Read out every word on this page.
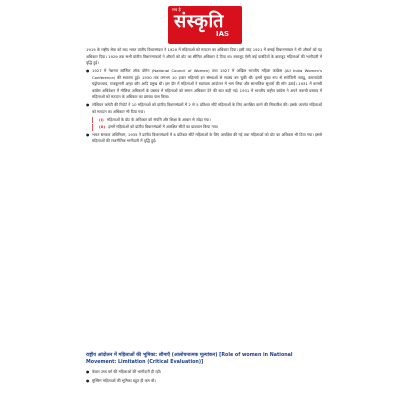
सच है
संस्कृति
IAS

1919 के राष्ट्रीय सेवा को बाद भारत प्रांतीय विधानमंडल ने 1920 में महिलाओं को मतदान का अधिकार दिया। इसी तरह 1921 में बम्बई विधानमण्डल ने भी औरतों को यह अधिकार दिया। 1929 तक सभी प्रांतीय विधानमण्डलों ने औरतों को वोट का सीमित अधिकार दे दिया था। बाबजूद ऐसी कई पाबंदियों के बावजूद महिलाओं की भागीदारी में वृद्धि हुई।

● 1927 में नेशनल कॉसिल ऑफ वोमेन (National Council of Women) तथा 1927 में अखिल भारतीय महिला कांफ्रेंस (All India Women's Conference) की स्थापना हुई। 1930 तक लगभग 10 हजार महिलाएँ इन संस्थाओं से सदस्य बन चुकी थीं। इसमें मुख्य रूप से सरोजिनी नायडू, कमलादेवी चट्टोपाध्याय, राजकुमारी अमृत कौर आदि प्रमुख थीं। इस दौर में महिलाओं ने स्वतंत्रता आंदोलन में भाग लिया और सामाजिक सुधारों की माँग उठाई। 1931 में कराची कांग्रेस अधिवेशन में मौलिक अधिकारों के प्रस्ताव में महिलाओं को समान अधिकार देने की बात कही गई। 1931 में भारतीय राष्ट्रीय कांग्रेस ने अपने कराची प्रस्ताव में महिलाओं को मतदान के अधिकार का प्रस्ताव पास किया।
● लोथियन कमेटी की रिपोर्ट ने 10 महिलाओं को प्रांतीय विधानमंडलों में 2 से 5 प्रतिशत सीटें महिलाओं के लिए आरक्षित करने की सिफारिश की। इसके अंतर्गत महिलाओं को मतदान का अधिकार भी दिया गया।
(i) महिलाओं के वोट के अधिकार को संपत्ति और शिक्षा के आधार से जोड़ा गया।
(ii) इसमें महिलाओं को प्रांतीय विधानमंडलों में आरक्षित सीटों का प्रावधान किया गया।
● भारत सरकार अधिनियम, 1935 ने प्रांतीय विधानमंडलों में 6 प्रतिशत सीटें महिलाओं के लिए आरक्षित की गई तथा महिलाओं को वोट का अधिकार भी दिया गया। इससे महिलाओं की राजनीतिक भागीदारी में वृद्धि हुई।
राष्ट्रीय आंदोलन में महिलाओं की भूमिका: सीमाएँ (आलोचनात्मक मूल्यांकन) [Role of women in National Movement: Limitation (Critical Evaluation)]
● केवल उच्च वर्ग की महिलाओं की भागीदारी ही रही।
● मुस्लिम महिलाओं की भूमिका बहुत ही कम थी।
